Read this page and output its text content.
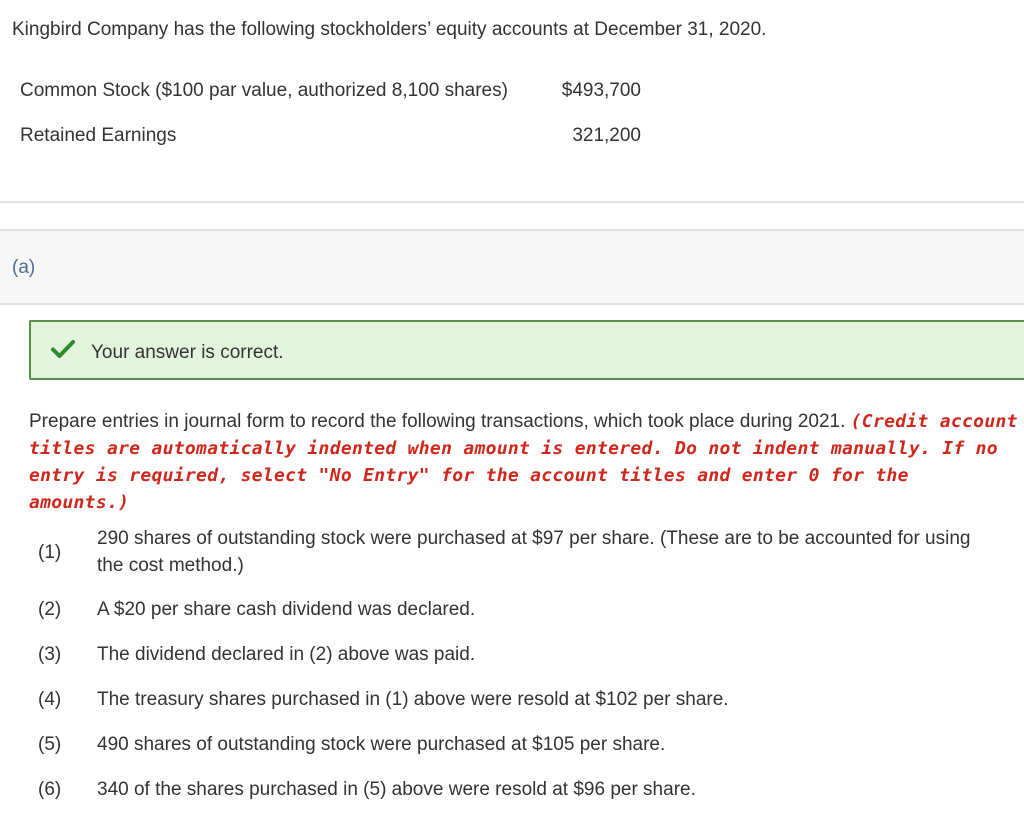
Kingbird Company has the following stockholders’ equity accounts at December 31, 2020.
Common Stock ($100 par value, authorized 8,100 shares)	$493,700
Retained Earnings	321,200
(a)
Your answer is correct.
Prepare entries in journal form to record the following transactions, which took place during 2021. (Credit account titles are automatically indented when amount is entered. Do not indent manually. If no entry is required, select "No Entry" for the account titles and enter 0 for the amounts.)
(1)
290 shares of outstanding stock were purchased at $97 per share. (These are to be accounted for using the cost method.)
(2) A $20 per share cash dividend was declared.
(3) The dividend declared in (2) above was paid.
(4) The treasury shares purchased in (1) above were resold at $102 per share.
(5) 490 shares of outstanding stock were purchased at $105 per share.
(6) 340 of the shares purchased in (5) above were resold at $96 per share.
